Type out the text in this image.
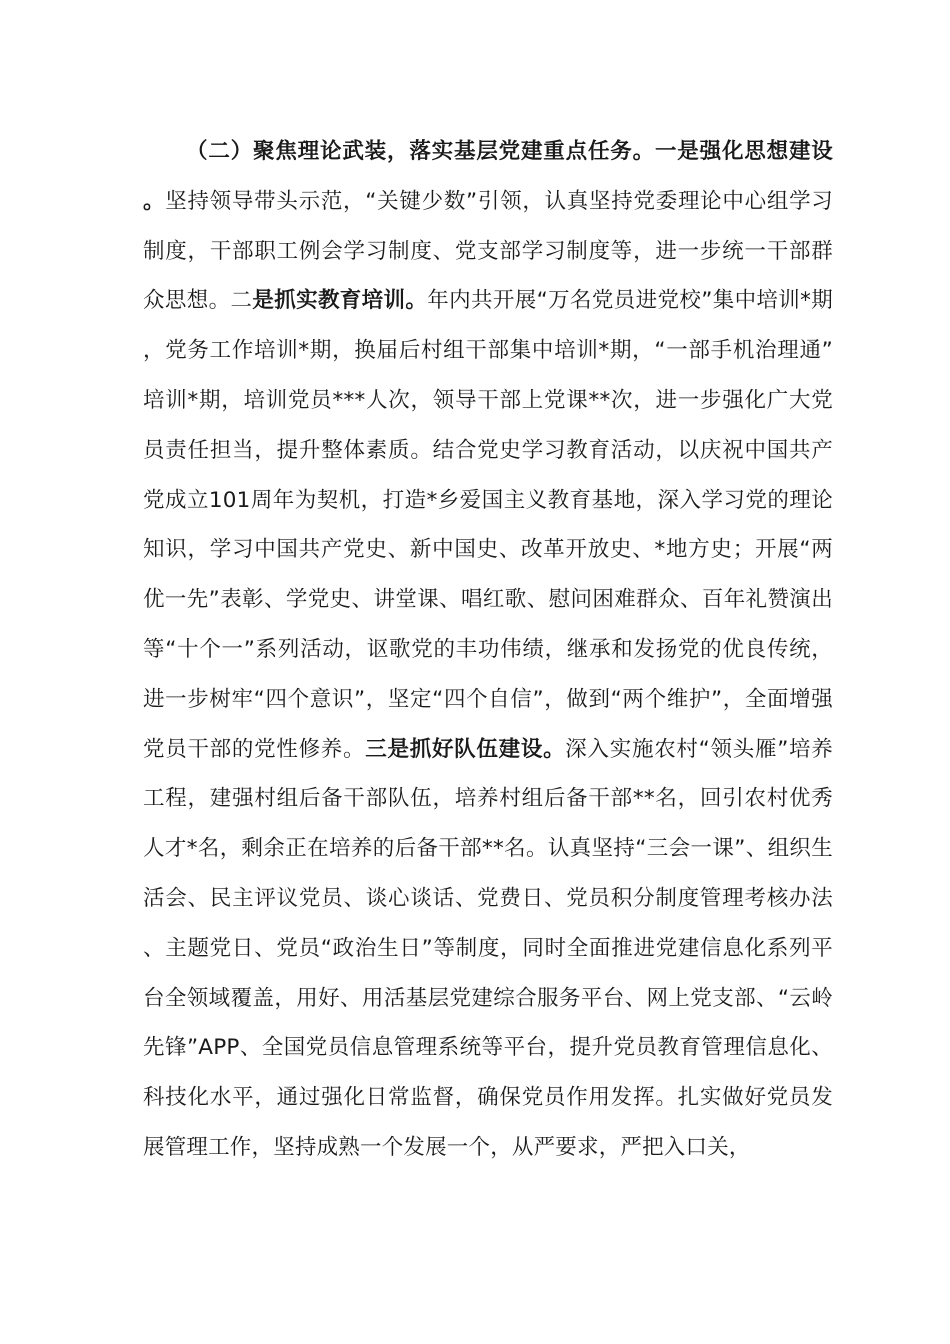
（二）聚焦理论武装，落实基层党建重点任务。一是强化思想建设。坚持领导带头示范，“关键少数”引领，认真坚持党委理论中心组学习制度，干部职工例会学习制度、党支部学习制度等，进一步统一干部群众思想。二是抓实教育培训。年内共开展“万名党员进党校”集中培训*期，党务工作培训*期，换届后村组干部集中培训*期，“一部手机治理通”培训*期，培训党员***人次，领导干部上党课**次，进一步强化广大党员责任担当，提升整体素质。结合党史学习教育活动，以庆祝中国共产党成立101周年为契机，打造*乡爱国主义教育基地，深入学习党的理论知识，学习中国共产党史、新中国史、改革开放史、*地方史；开展“两优一先”表彰、学党史、讲堂课、唱红歌、慰问困难群众、百年礼赞演出等“十个一”系列活动，讴歌党的丰功伟绩，继承和发扬党的优良传统，进一步树牢“四个意识”，坚定“四个自信”，做到“两个维护”，全面增强党员干部的党性修养。三是抓好队伍建设。深入实施农村“领头雁”培养工程，建强村组后备干部队伍，培养村组后备干部**名，回引农村优秀人才*名，剩余正在培养的后备干部**名。认真坚持“三会一课”、组织生活会、民主评议党员、谈心谈话、党费日、党员积分制度管理考核办法、主题党日、党员“政治生日”等制度，同时全面推进党建信息化系列平台全领域覆盖，用好、用活基层党建综合服务平台、网上党支部、“云岭先锋”APP、全国党员信息管理系统等平台，提升党员教育管理信息化、科技化水平，通过强化日常监督，确保党员作用发挥。扎实做好党员发展管理工作，坚持成熟一个发展一个，从严要求，严把入口关，
